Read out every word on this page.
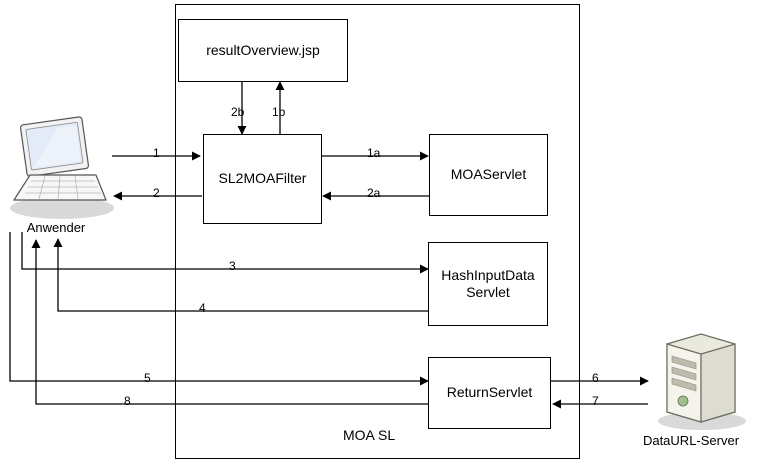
MOA SL
resultOverview.jsp
SL2MOAFilter	MOAServlet
HashInputData
Servlet
ReturnServlet
1
2
1a
2a
1b
2b
3
4
5	6
7
8
Anwender
DataURL-Server
